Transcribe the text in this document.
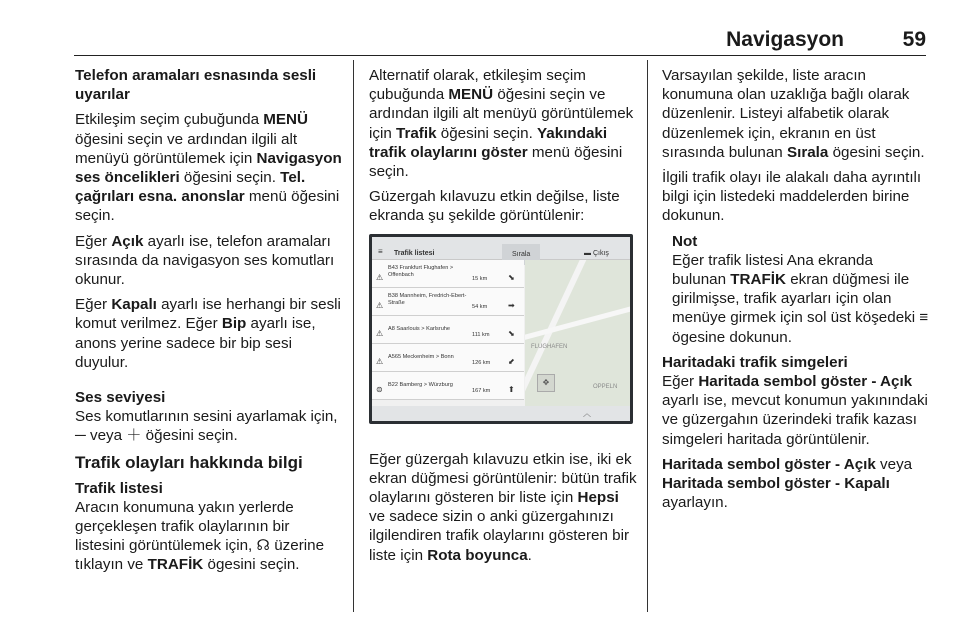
Navigasyon	59

Telefon aramaları esnasında sesli uyarılar

Etkileşim seçim çubuğunda MENÜ öğesini seçin ve ardından ilgili alt menüyü görüntülemek için Navigasyon ses öncelikleri öğesini seçin. Tel. çağrıları esna. anonslar menü öğesini seçin.

Eğer Açık ayarlı ise, telefon aramaları sırasında da navigasyon ses komutları okunur.

Eğer Kapalı ayarlı ise herhangi bir sesli komut verilmez. Eğer Bip ayarlı ise, anons yerine sadece bir bip sesi duyulur.

Ses seviyesi

Ses komutlarının sesini ayarlamak için, ─ veya ＋ öğesini seçin.

Trafik olayları hakkında bilgi

Trafik listesi

Aracın konumuna yakın yerlerde gerçekleşen trafik olaylarının bir listesini görüntülemek için, ☊ üzerine tıklayın ve TRAFİK ögesini seçin.

Alternatif olarak, etkileşim seçim çubuğunda MENÜ öğesini seçin ve ardından ilgili alt menüyü görüntülemek için Trafik öğesini seçin. Yakındaki trafik olaylarını göster menü öğesini seçin.

Güzergah kılavuzu etkin değilse, liste ekranda şu şekilde görüntülenir:

≡ Trafik listesi	Sırala	▬ Çıkış
⚠
B43 Frankfurt Flughafen > Offenbach
15 km	⬊
⚠
B38 Mannheim, Fredrich-Ebert-Straße
54 km	➡
⚠ A8 Saarlouis > Karlsruhe
111 km ⬊
⚠ A565 Meckenheim > Bonn
126 km ⬋
⊜ B22 Bamberg > Würzburg
167 km ⬆
FLUGHAFEN
OPPELN
✥
︿

Eğer güzergah kılavuzu etkin ise, iki ek ekran düğmesi görüntülenir: bütün trafik olaylarını gösteren bir liste için Hepsi ve sadece sizin o anki güzergahınızı ilgilendiren trafik olaylarını gösteren bir liste için Rota boyunca.

Varsayılan şekilde, liste aracın konumuna olan uzaklığa bağlı olarak düzenlenir. Listeyi alfabetik olarak düzenlemek için, ekranın en üst sırasında bulunan Sırala ögesini seçin.

İlgili trafik olayı ile alakalı daha ayrıntılı bilgi için listedeki maddelerden birine dokunun.

Not

Eğer trafik listesi Ana ekranda bulunan TRAFİK ekran düğmesi ile girilmişse, trafik ayarları için olan menüye girmek için sol üst köşedeki ≡ ögesine dokunun.

Haritadaki trafik simgeleri

Eğer Haritada sembol göster - Açık ayarlı ise, mevcut konumun yakınındaki ve güzergahın üzerindeki trafik kazası simgeleri haritada görüntülenir.

Haritada sembol göster - Açık veya Haritada sembol göster - Kapalı ayarlayın.
